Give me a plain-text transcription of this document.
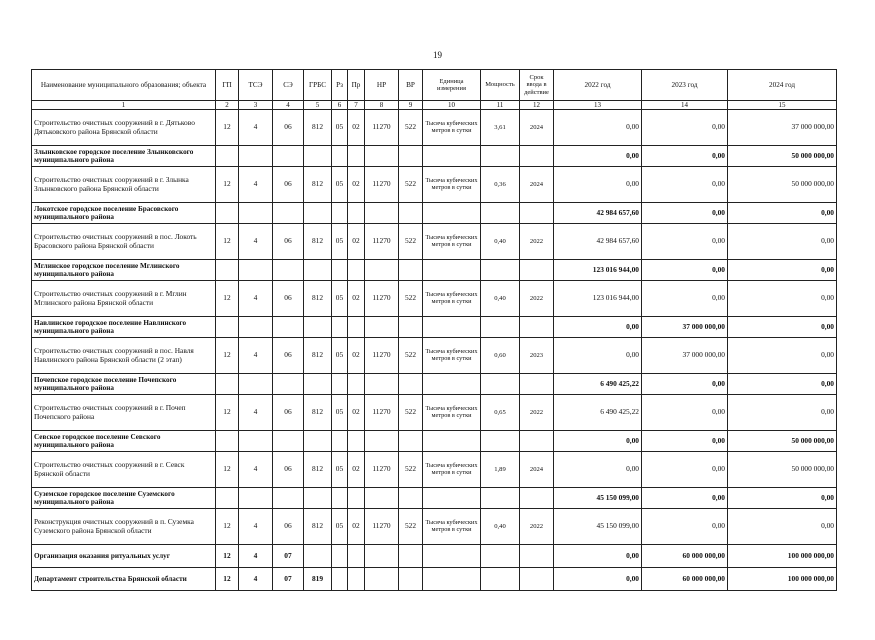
19
Наименование муниципального образования; объекта	ГП	ТСЭ	СЭ	ГРБС	Рз	Пр	НР	ВР	Единица измерения	Мощность	Срок ввода в действие	2022 год	2023 год	2024 год
1	2	3	4	5	6	7	8	9	10	11	12	13	14	15
Строительство очистных сооружений в г. Дятьково Дятьковского района Брянской области	12	4	06	812	05	02	11270	522	Тысяча кубических метров в сутки	3,61	2024	0,00	0,00	37 000 000,00
Злынковское городское поселение Злынковского муниципального района												0,00	0,00	50 000 000,00
Строительство очистных сооружений в г. Злынка Злынковского района Брянской области	12	4	06	812	05	02	11270	522	Тысяча кубических метров в сутки	0,36	2024	0,00	0,00	50 000 000,00
Локотское городское поселение Брасовского муниципального района												42 984 657,60	0,00	0,00
Строительство очистных сооружений в пос. Локоть Брасовского района Брянской области	12	4	06	812	05	02	11270	522	Тысяча кубических метров в сутки	0,40	2022	42 984 657,60	0,00	0,00
Мглинское городское поселение Мглинского муниципального района												123 016 944,00	0,00	0,00
Строительство очистных сооружений в г. Мглин Мглинского района Брянской области	12	4	06	812	05	02	11270	522	Тысяча кубических метров в сутки	0,40	2022	123 016 944,00	0,00	0,00
Навлинское городское поселение Навлинского муниципального района												0,00	37 000 000,00	0,00
Строительство очистных сооружений в пос. Навля Навлинского района Брянской области (2 этап)	12	4	06	812	05	02	11270	522	Тысяча кубических метров в сутки	0,60	2023	0,00	37 000 000,00	0,00
Почепское городское поселение Почепского муниципального района												6 490 425,22	0,00	0,00
Строительство очистных сооружений в г. Почеп Почепского района	12	4	06	812	05	02	11270	522	Тысяча кубических метров в сутки	0,65	2022	6 490 425,22	0,00	0,00
Севское городское поселение Севского муниципального района												0,00	0,00	50 000 000,00
Строительство очистных сооружений в г. Севск Брянской области	12	4	06	812	05	02	11270	522	Тысяча кубических метров в сутки	1,89	2024	0,00	0,00	50 000 000,00
Суземское городское поселение Суземского муниципального района												45 150 099,00	0,00	0,00
Реконструкция очистных сооружений в п. Суземка Суземского района Брянской области	12	4	06	812	05	02	11270	522	Тысяча кубических метров в сутки	0,40	2022	45 150 099,00	0,00	0,00
Организация оказания ритуальных услуг	12	4	07									0,00	60 000 000,00	100 000 000,00
Департамент строительства Брянской области	12	4	07	819								0,00	60 000 000,00	100 000 000,00
